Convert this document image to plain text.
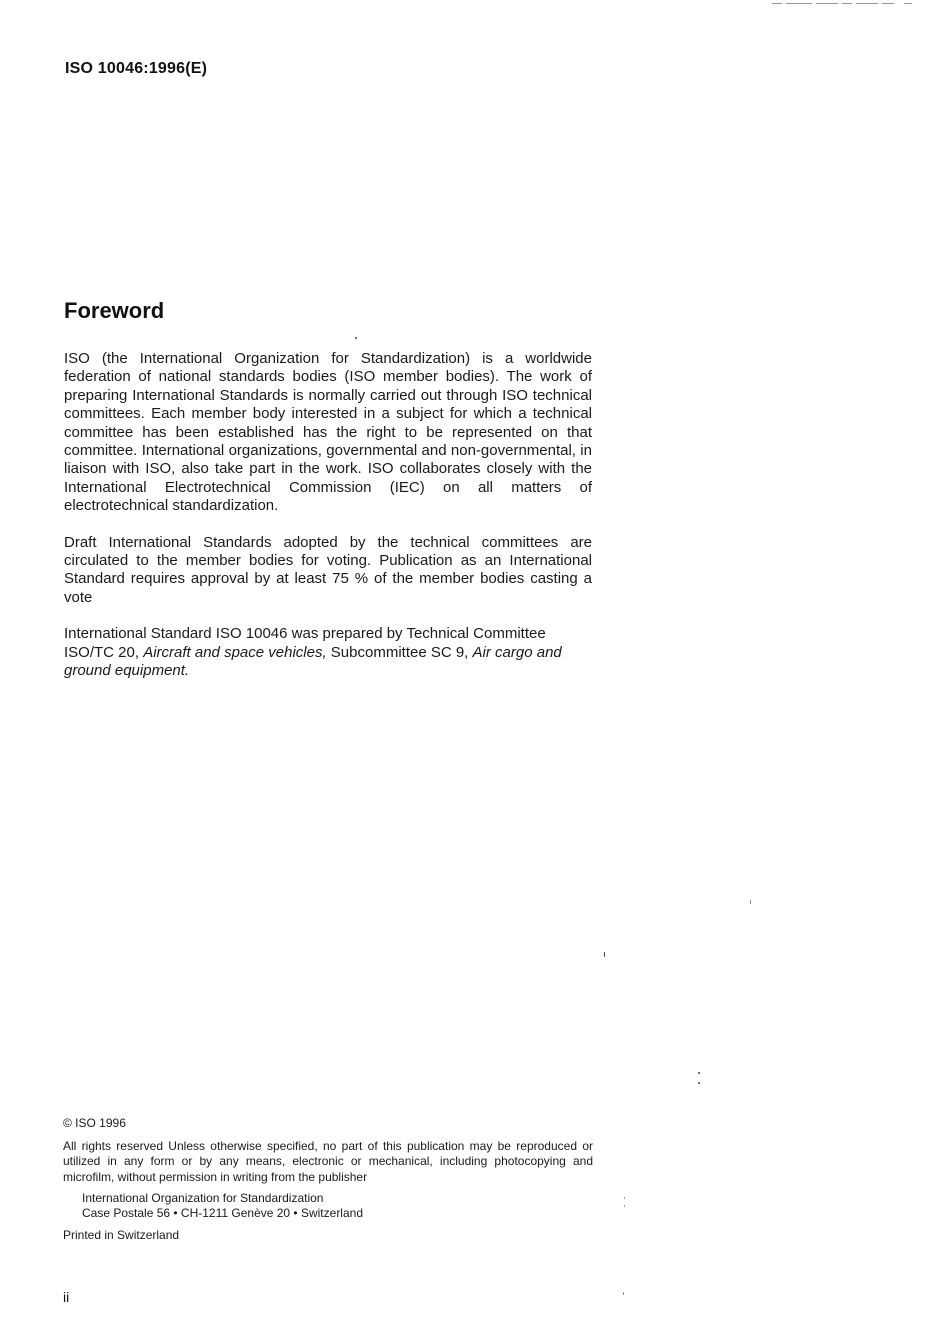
ISO 10046:1996(E)
Foreword

ISO (the International Organization for Standardization) is a worldwide federation of national standards bodies (ISO member bodies). The work of preparing International Standards is normally carried out through ISO technical committees. Each member body interested in a subject for which a technical committee has been established has the right to be represented on that committee. International organizations, governmental and non-governmental, in liaison with ISO, also take part in the work. ISO collaborates closely with the International Electrotechnical Commission (IEC) on all matters of electrotechnical standardization.

Draft International Standards adopted by the technical committees are circulated to the member bodies for voting. Publication as an International Standard requires approval by at least 75 % of the member bodies casting a vote

International Standard ISO 10046 was prepared by Technical Committee ISO/TC 20, Aircraft and space vehicles, Subcommittee SC 9, Air cargo and ground equipment.

© ISO 1996

All rights reserved Unless otherwise specified, no part of this publication may be reproduced or utilized in any form or by any means, electronic or mechanical, including photocopying and microfilm, without permission in writing from the publisher

International Organization for Standardization
Case Postale 56 • CH-1211 Genève 20 • Switzerland

Printed in Switzerland

ii
